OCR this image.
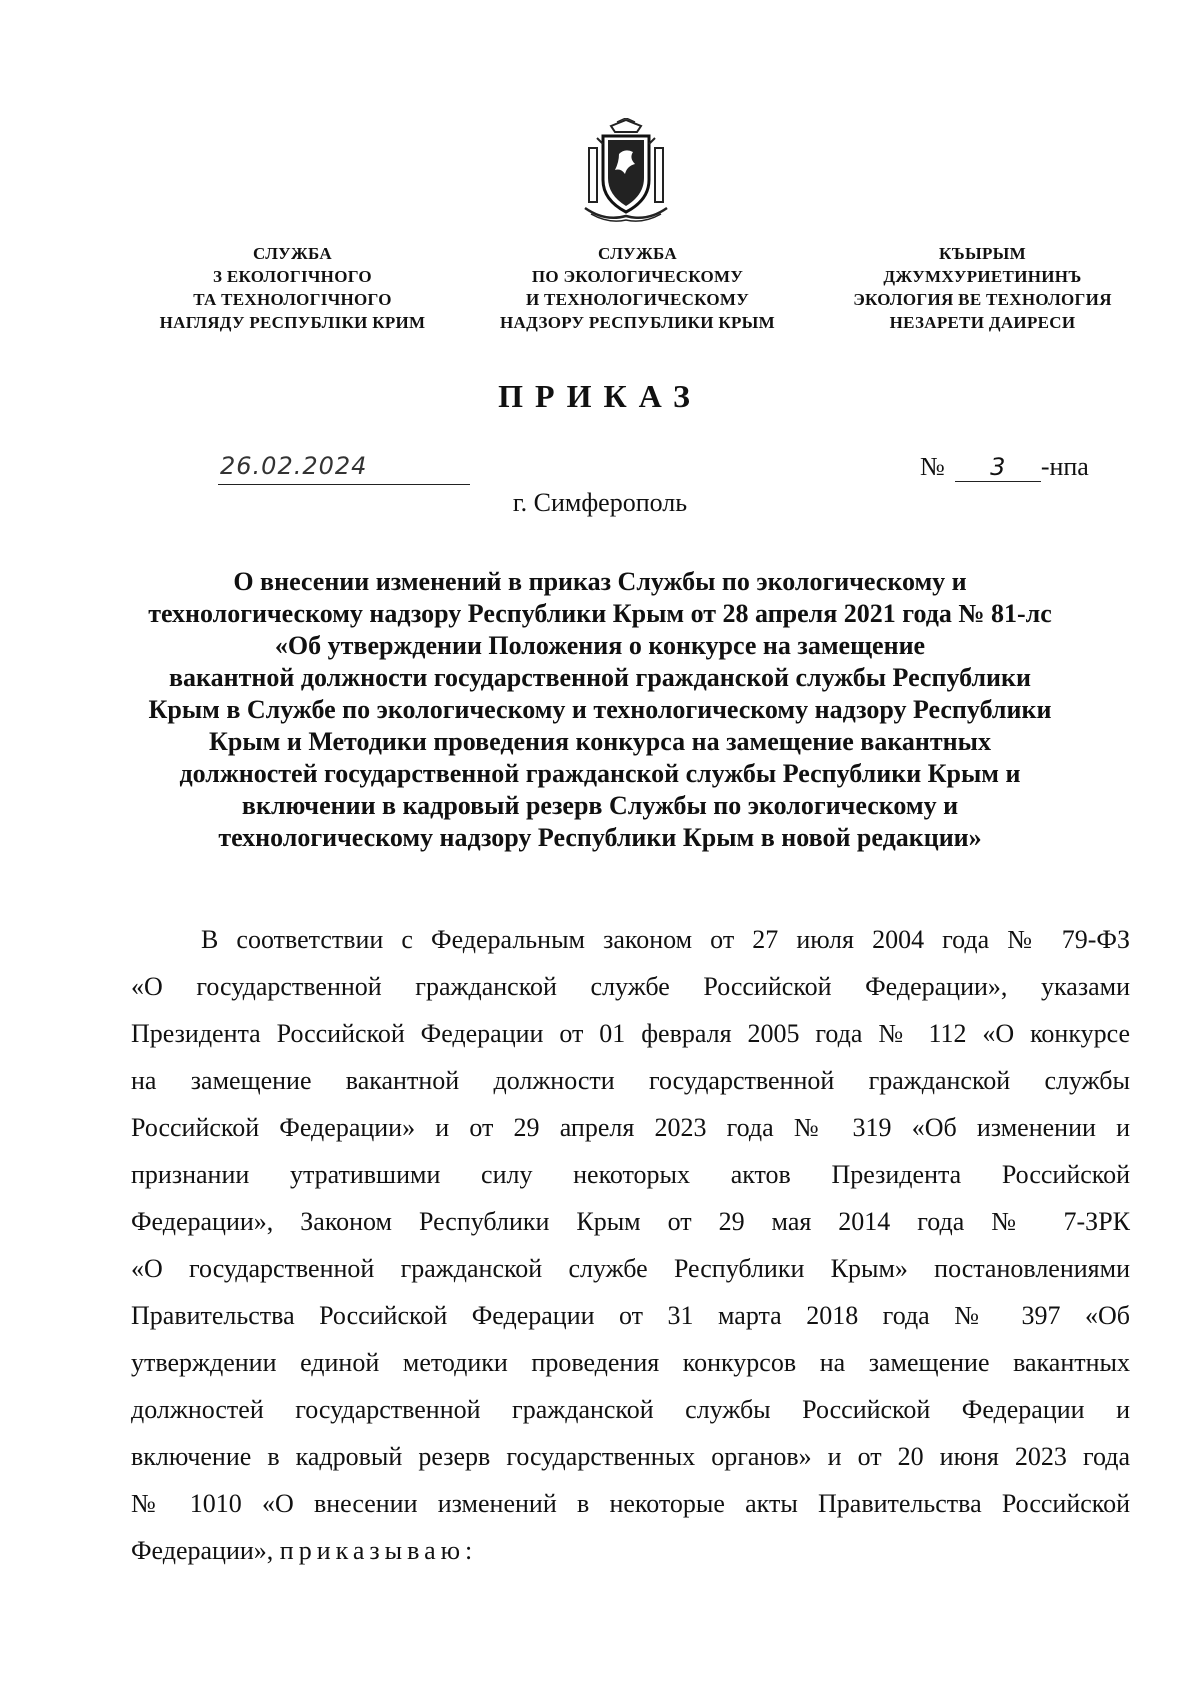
СЛУЖБА
З ЕКОЛОГІЧНОГО
ТА ТЕХНОЛОГІЧНОГО
НАГЛЯДУ РЕСПУБЛІКИ КРИМ
СЛУЖБА
ПО ЭКОЛОГИЧЕСКОМУ
И ТЕХНОЛОГИЧЕСКОМУ
НАДЗОРУ РЕСПУБЛИКИ КРЫМ
КЪЫРЫМ
ДЖУМХУРИЕТИНИНЪ
ЭКОЛОГИЯ ВЕ ТЕХНОЛОГИЯ
НЕЗАРЕТИ ДАИРЕСИ
ПРИКАЗ
26.02.2024	№ 3 -нпа
г. Симферополь
О внесении изменений в приказ Службы по экологическому и
технологическому надзору Республики Крым от 28 апреля 2021 года № 81-лс
«Об утверждении Положения о конкурсе на замещение
вакантной должности государственной гражданской службы Республики
Крым в Службе по экологическому и технологическому надзору Республики
Крым и Методики проведения конкурса на замещение вакантных
должностей государственной гражданской службы Республики Крым и
включении в кадровый резерв Службы по экологическому и
технологическому надзору Республики Крым в новой редакции»
В соответствии с Федеральным законом от 27 июля 2004 года № 79-ФЗ
«О государственной гражданской службе Российской Федерации», указами
Президента Российской Федерации от 01 февраля 2005 года № 112 «О конкурсе
на замещение вакантной должности государственной гражданской службы
Российской Федерации» и от 29 апреля 2023 года № 319 «Об изменении и
признании утратившими силу некоторых актов Президента Российской
Федерации», Законом Республики Крым от 29 мая 2014 года № 7-ЗРК
«О государственной гражданской службе Республики Крым» постановлениями
Правительства Российской Федерации от 31 марта 2018 года № 397 «Об
утверждении единой методики проведения конкурсов на замещение вакантных
должностей государственной гражданской службы Российской Федерации и
включение в кадровый резерв государственных органов» и от 20 июня 2023 года
№ 1010 «О внесении изменений в некоторые акты Правительства Российской
Федерации», приказываю:
